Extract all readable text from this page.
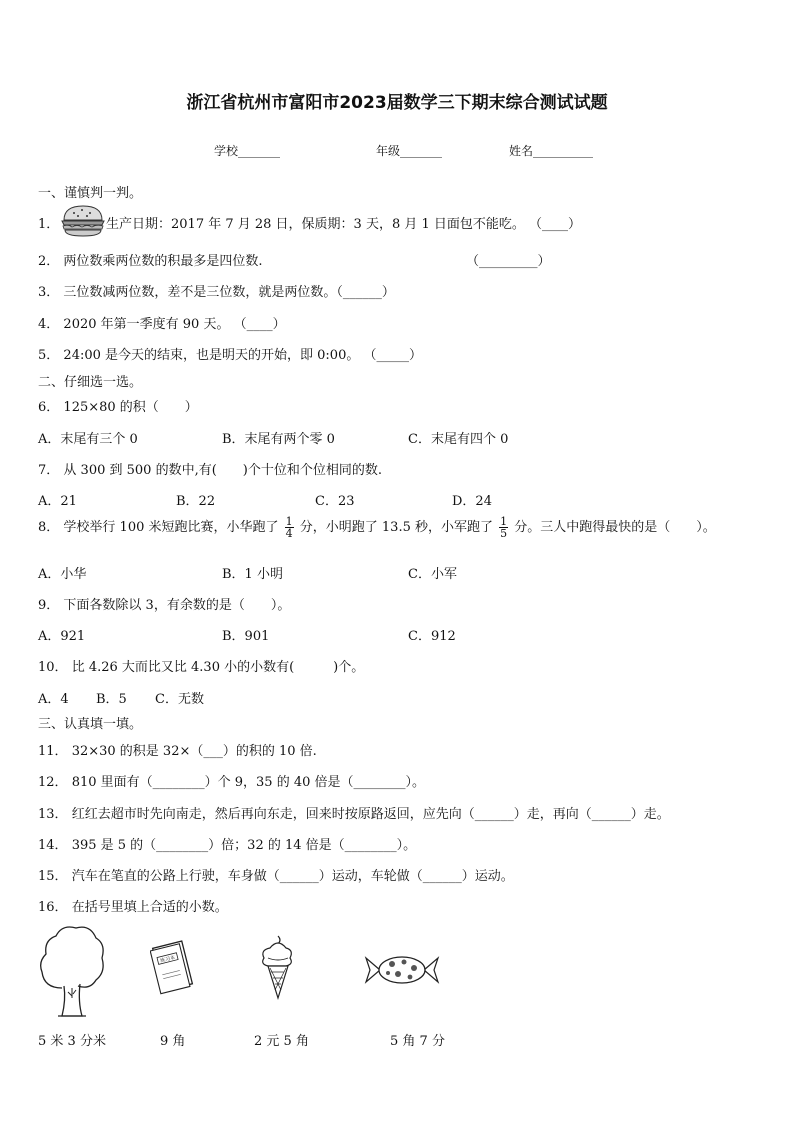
浙江省杭州市富阳市2023届数学三下期末综合测试试题
学校_______	年级_______	姓名__________
一、谨慎判一判。
1．	生产日期：2017 年 7 月 28 日，保质期：3 天，8 月 1 日面包不能吃。 （____）
2． 两位数乘两位数的积最多是四位数.	（_________）
3． 三位数减两位数，差不是三位数，就是两位数。（______）
4． 2020 年第一季度有 90 天。 （____）
5． 24:00 是今天的结束，也是明天的开始，即 0:00。 （_____）
二、仔细选一选。
6． 125×80 的积（　　）
A．末尾有三个 0	B．末尾有两个零 0	C．末尾有四个 0
7． 从 300 到 500 的数中,有(　　)个十位和个位相同的数.
A．21	B．22	C．23	D．24
8． 学校举行 100 米短跑比赛，小华跑了 $\frac{1}{4}$ 分，小明跑了 13.5 秒，小军跑了 $\frac{1}{5}$ 分。三人中跑得最快的是（　　）。
A．小华	B．1 小明	C．小军
9． 下面各数除以 3，有余数的是（　　）。
A．921	B．901	C．912
10． 比 4.26 大而比又比 4.30 小的小数有(　　　)个。
A．4 B．5 C．无数
三、认真填一填。
11． 32×30 的积是 32×（___）的积的 10 倍.
12． 810 里面有（________）个 9，35 的 40 倍是（________）。
13． 红红去超市时先向南走，然后再向东走，回来时按原路返回，应先向（______）走，再向（______）走。
14． 395 是 5 的（________）倍；32 的 14 倍是（________）。
15． 汽车在笔直的公路上行驶，车身做（______）运动，车轮做（______）运动。
16． 在括号里填上合适的小数。
练习本
5 米 3 分米	9 角	2 元 5 角	5 角 7 分
